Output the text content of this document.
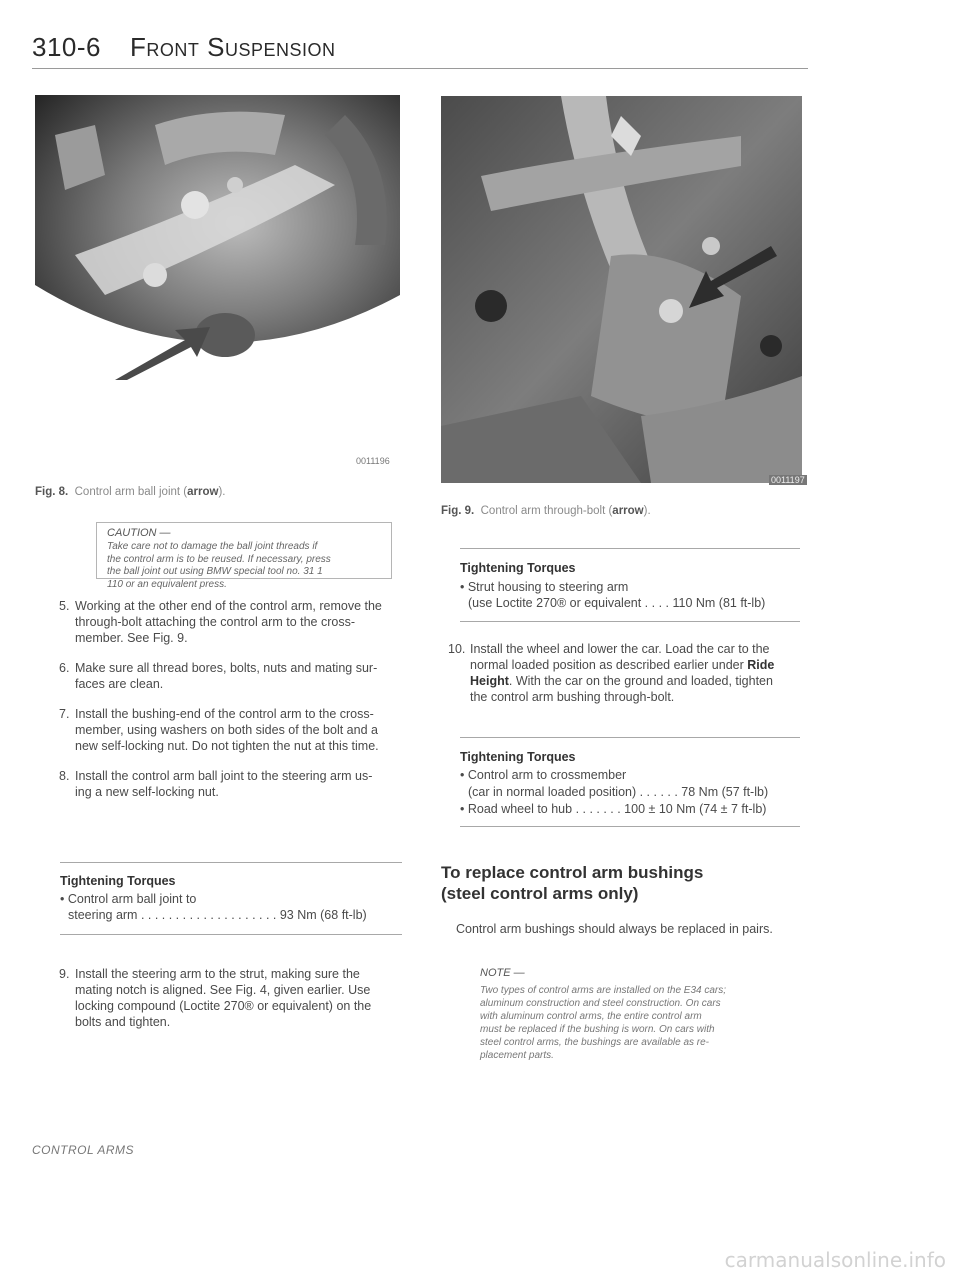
310-6 Front Suspension
0011196
Fig. 8. Control arm ball joint (arrow).
0011197
Fig. 9. Control arm through-bolt (arrow).
CAUTION —
Take care not to damage the ball joint threads if
the control arm is to be reused. If necessary, press
the ball joint out using BMW special tool no. 31 1
110 or an equivalent press.
5. Working at the other end of the control arm, remove the
through-bolt attaching the control arm to the cross-
member. See Fig. 9.
6. Make sure all thread bores, bolts, nuts and mating sur-
faces are clean.
7. Install the bushing-end of the control arm to the cross-
member, using washers on both sides of the bolt and a
new self-locking nut. Do not tighten the nut at this time.
8. Install the control arm ball joint to the steering arm us-
ing a new self-locking nut.
Tightening Torques
• Control arm ball joint to
steering arm . . . . . . . . . . . . . . . . . . . . 93 Nm (68 ft-lb)
9. Install the steering arm to the strut, making sure the
mating notch is aligned. See Fig. 4, given earlier. Use
locking compound (Loctite 270® or equivalent) on the
bolts and tighten.
Tightening Torques
• Strut housing to steering arm
(use Loctite 270® or equivalent . . . . 110 Nm (81 ft-lb)
10. Install the wheel and lower the car. Load the car to the
normal loaded position as described earlier under Ride
Height. With the car on the ground and loaded, tighten
the control arm bushing through-bolt.
Tightening Torques
• Control arm to crossmember
(car in normal loaded position) . . . . . . 78 Nm (57 ft-lb)
• Road wheel to hub . . . . . . . 100 ± 10 Nm (74 ± 7 ft-lb)
To replace control arm bushings
(steel control arms only)
Control arm bushings should always be replaced in pairs.
NOTE —
Two types of control arms are installed on the E34 cars;
aluminum construction and steel construction. On cars
with aluminum control arms, the entire control arm
must be replaced if the bushing is worn. On cars with
steel control arms, the bushings are available as re-
placement parts.
CONTROL ARMS
carmanualsonline.info
